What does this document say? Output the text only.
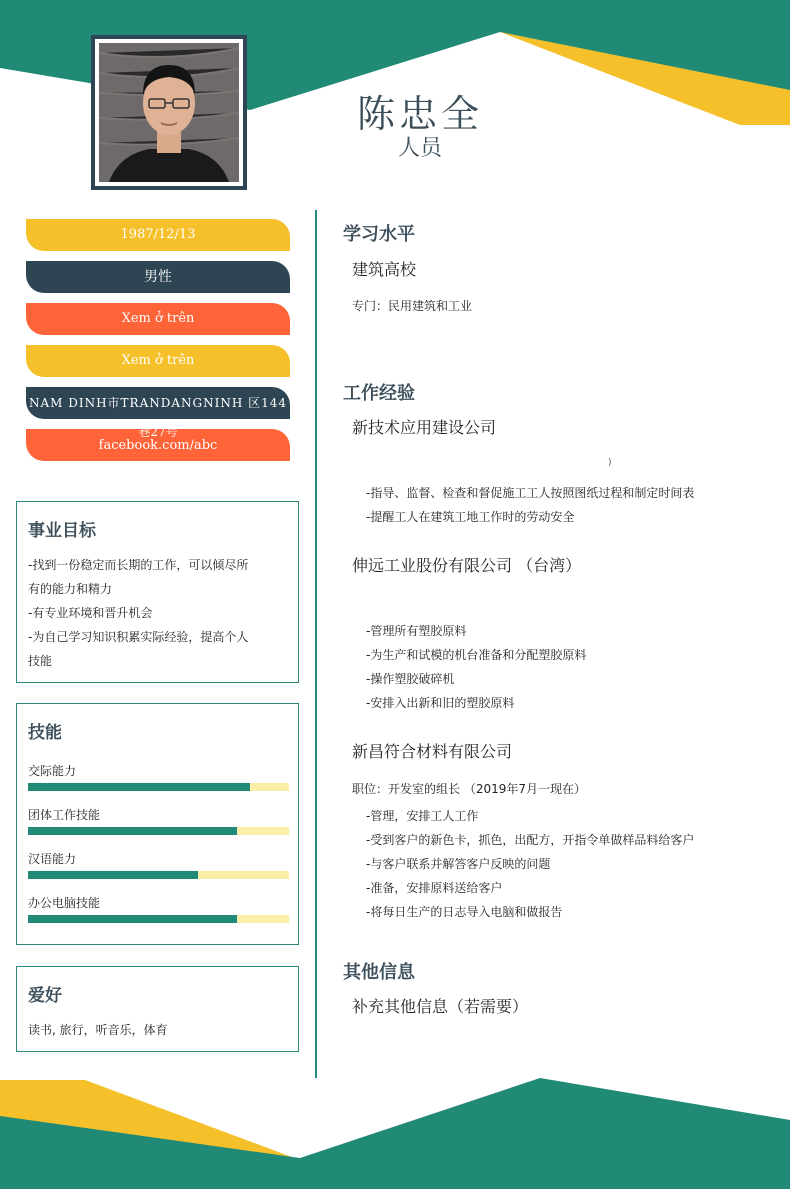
陈忠全
人员
1987/12/13
男性
Xem ở trên
Xem ở trên
NAM DINH市TRANDANGNINH 区144
facebook.com/abc
巷27号
事业目标
-找到一份稳定而长期的工作，可以倾尽所
有的能力和精力
-有专业环境和晋升机会
-为自己学习知识积累实际经验，提高个人
技能
技能
交际能力
团体工作技能
汉语能力
办公电脑技能
爱好
读书, 旅行，听音乐，体育
学习水平
建筑高校
专门：民用建筑和工业
工作经验
新技术应用建设公司
)
-指导、监督、检查和督促施工工人按照图纸过程和制定时间表
-提醒工人在建筑工地工作时的劳动安全
伸远工业股份有限公司 （台湾）
-管理所有塑胶原料
-为生产和试模的机台准备和分配塑胶原料
-操作塑胶破碎机
-安排入出新和旧的塑胶原料
新昌符合材料有限公司
职位：开发室的组长 （2019年7月一现在）
-管理，安排工人工作
-受到客户的新色卡，抓色，出配方，开指令单做样品料给客户
-与客户联系并解答客户反映的问题
-准备，安排原料送给客户
-将每日生产的日志导入电脑和做报告
其他信息
补充其他信息（若需要）
